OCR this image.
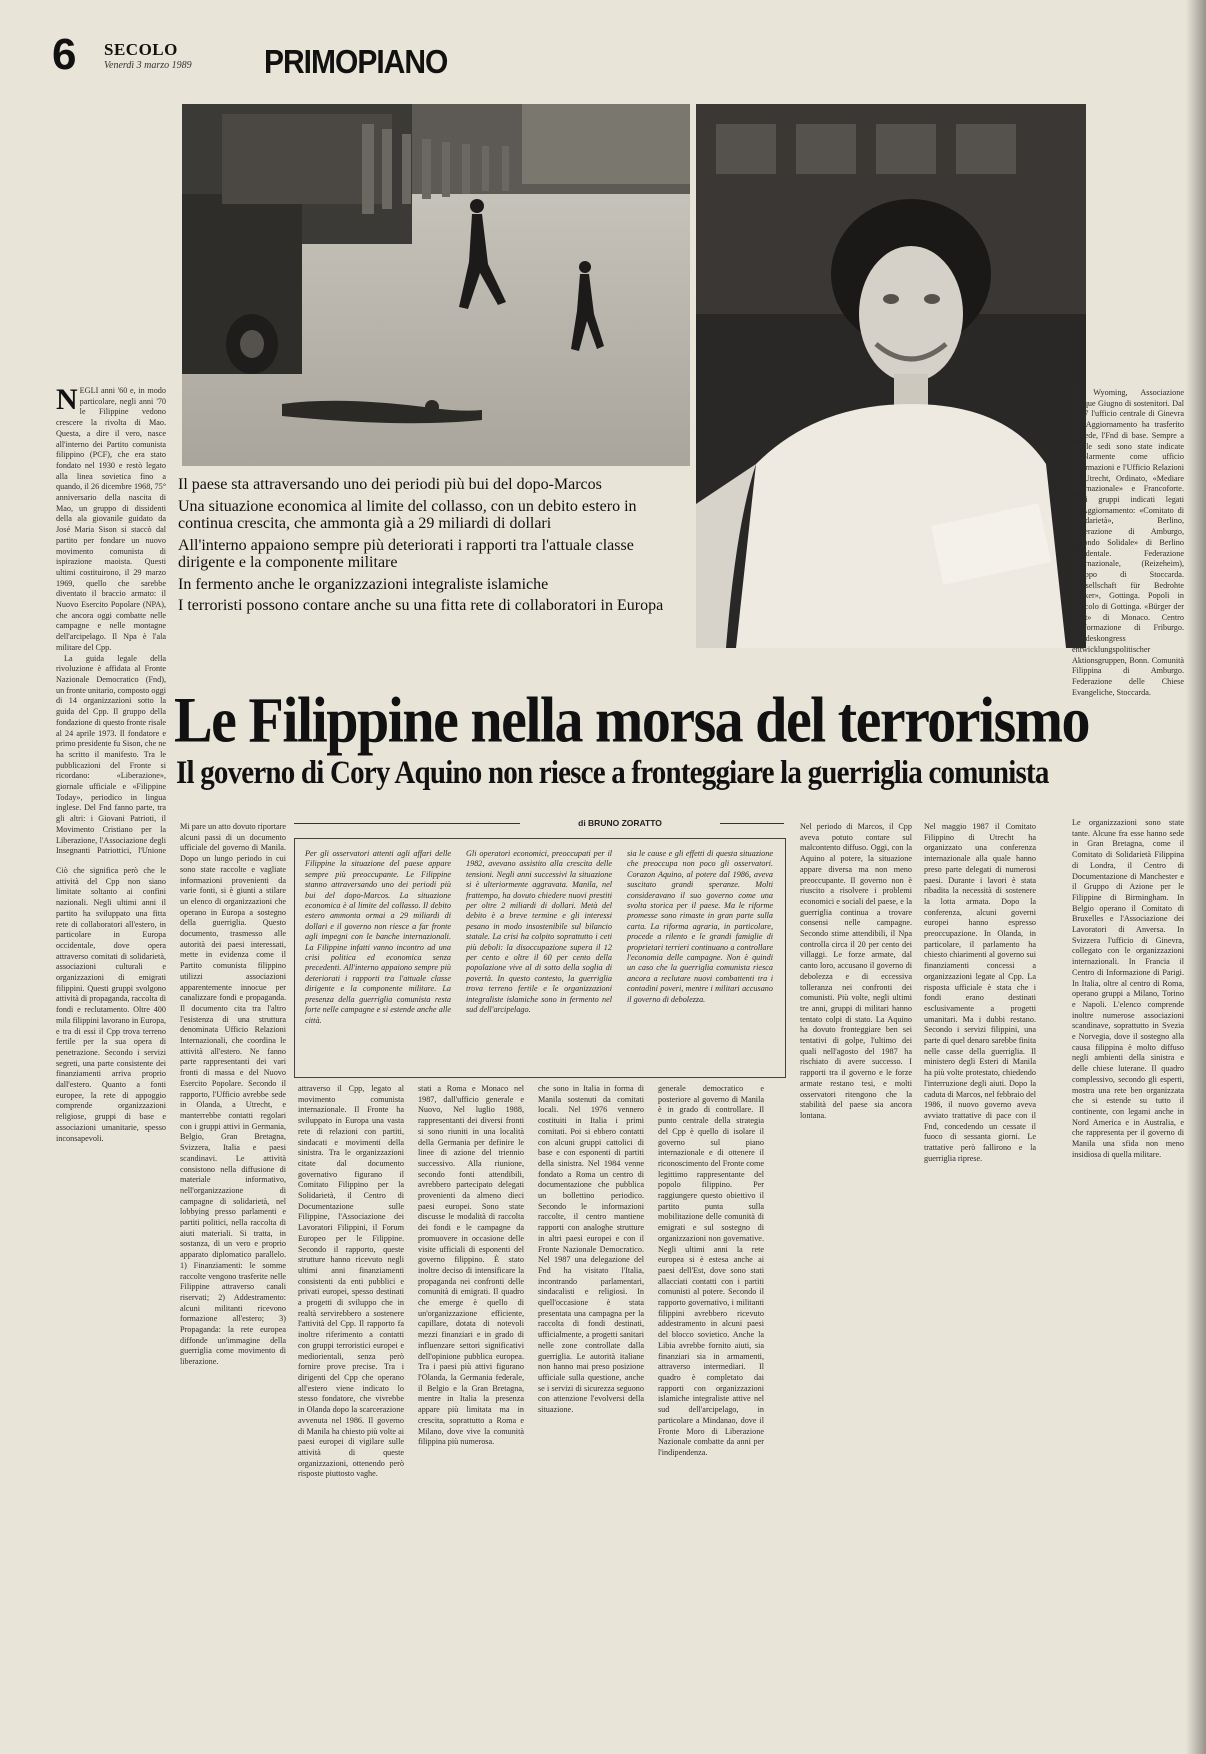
6 SECOLO
Venerdì 3 marzo 1989 PRIMOPIANO
N EGLI anni '60 e, in modo particolare, negli anni '70 le Filippine vedono crescere la rivolta di Mao. Questa, a dire il vero, nasce all'interno dei Partito comunista filippino (PCF), che era stato fondato nel 1930 e restò legato alla linea sovietica fino a quando, il 26 dicembre 1968, 75° anniversario della nascita di Mao, un gruppo di dissidenti della ala giovanile guidato da José Maria Sison si staccò dal partito per fondare un nuovo movimento comunista di ispirazione maoista. Questi ultimi costituirono, il 29 marzo 1969, quello che sarebbe diventato il braccio armato: il Nuovo Esercito Popolare (NPA), che ancora oggi combatte nelle campagne e nelle montagne dell'arcipelago. Il Npa è l'ala militare del Cpp.

La guida legale della rivoluzione è affidata al Fronte Nazionale Democratico (Fnd), un fronte unitario, composto oggi di 14 organizzazioni sotto la guida del Cpp. Il gruppo della fondazione di questo fronte risale al 24 aprile 1973. Il fondatore e primo presidente fu Sison, che ne ha scritto il manifesto. Tra le pubblicazioni del Fronte si ricordano: «Liberazione», giornale ufficiale e «Filippine Today», periodico in lingua inglese. Del Fnd fanno parte, tra gli altri: i Giovani Patrioti, il Movimento Cristiano per la Liberazione, l'Associazione degli Insegnanti Patriottici, l'Unione

Il paese sta attraversando uno dei periodi più bui del dopo-Marcos

Una situazione economica al limite del collasso, con un debito estero in continua crescita, che ammonta già a 29 miliardi di dollari

All'interno appaiono sempre più deteriorati i rapporti tra l'attuale classe dirigente e la componente militare

In fermento anche le organizzazioni integraliste islamiche

I terroristi possono contare anche su una fitta rete di collaboratori in Europa

no Wyoming, Associazione Cinque Giugno di sostenitori. Dal 1987 l'ufficio centrale di Ginevra dell'Aggiornamento ha trasferito la sede, l'Fnd di base. Sempre a quelle sedi sono state indicate regolarmente come ufficio informazioni e l'Ufficio Relazioni di Utrecht, Ordinato, «Mediare Internazionale» e Francoforte. Altri gruppi indicati legati all'Aggiornamento: «Comitato di Solidarietà», Berlino, Federazione di Amburgo, «Mondo Solidale» di Berlino occidentale. Federazione Internazionale, (Reizeheim), Gruppo di Stoccarda. «Gesellschaft für Bedrohte Völker», Gottinga. Popoli in pericolo di Gottinga. «Bürger der Welt» di Monaco. Centro d'informazione di Friburgo. Bundeskongress entwicklungspolitischer Aktionsgruppen, Bonn. Comunità Filippina di Amburgo. Federazione delle Chiese Evangeliche, Stoccarda.

Le Filippine nella morsa del terrorismo
Il governo di Cory Aquino non riesce a fronteggiare la guerriglia comunista
di BRUNO ZORATTO
Per gli osservatori attenti agli affari delle Filippine la situazione del paese appare sempre più preoccupante. Le Filippine stanno attraversando uno dei periodi più bui del dopo-Marcos. La situazione economica è al limite del collasso. Il debito estero ammonta ormai a 29 miliardi di dollari e il governo non riesce a far fronte agli impegni con le banche internazionali. La Filippine infatti vanno incontro ad una crisi politica ed economica senza precedenti. All'interno appaiono sempre più deteriorati i rapporti tra l'attuale classe dirigente e la componente militare. La presenza della guerriglia comunista resta forte nelle campagne e si estende anche alle città.
Gli operatori economici, preoccupati per il 1982, avevano assistito alla crescita delle tensioni. Negli anni successivi la situazione si è ulteriormente aggravata. Manila, nel frattempo, ha dovuto chiedere nuovi prestiti per oltre 2 miliardi di dollari. Metà del debito è a breve termine e gli interessi pesano in modo insostenibile sul bilancio statale. La crisi ha colpito soprattutto i ceti più deboli: la disoccupazione supera il 12 per cento e oltre il 60 per cento della popolazione vive al di sotto della soglia di povertà. In questo contesto, la guerriglia trova terreno fertile e le organizzazioni integraliste islamiche sono in fermento nel sud dell'arcipelago.
sia le cause e gli effetti di questa situazione che preoccupa non poco gli osservatori. Corazon Aquino, al potere dal 1986, aveva suscitato grandi speranze. Molti consideravano il suo governo come una svolta storica per il paese. Ma le riforme promesse sono rimaste in gran parte sulla carta. La riforma agraria, in particolare, procede a rilento e le grandi famiglie di proprietari terrieri continuano a controllare l'economia delle campagne. Non è quindi un caso che la guerriglia comunista riesca ancora a reclutare nuovi combattenti tra i contadini poveri, mentre i militari accusano il governo di debolezza.

Ciò che significa però che le attività del Cpp non siano limitate soltanto ai confini nazionali. Negli ultimi anni il partito ha sviluppato una fitta rete di collaboratori all'estero, in particolare in Europa occidentale, dove opera attraverso comitati di solidarietà, associazioni culturali e organizzazioni di emigrati filippini. Questi gruppi svolgono attività di propaganda, raccolta di fondi e reclutamento. Oltre 400 mila filippini lavorano in Europa, e tra di essi il Cpp trova terreno fertile per la sua opera di penetrazione. Secondo i servizi segreti, una parte consistente dei finanziamenti arriva proprio dall'estero. Quanto a fonti europee, la rete di appoggio comprende organizzazioni religiose, gruppi di base e associazioni umanitarie, spesso inconsapevoli.

Mi pare un atto dovuto riportare alcuni passi di un documento ufficiale del governo di Manila. Dopo un lungo periodo in cui sono state raccolte e vagliate informazioni provenienti da varie fonti, si è giunti a stilare un elenco di organizzazioni che operano in Europa a sostegno della guerriglia. Questo documento, trasmesso alle autorità dei paesi interessati, mette in evidenza come il Partito comunista filippino utilizzi associazioni apparentemente innocue per canalizzare fondi e propaganda. Il documento cita tra l'altro l'esistenza di una struttura denominata Ufficio Relazioni Internazionali, che coordina le attività all'estero. Ne fanno parte rappresentanti dei vari fronti di massa e del Nuovo Esercito Popolare. Secondo il rapporto, l'Ufficio avrebbe sede in Olanda, a Utrecht, e manterrebbe contatti regolari con i gruppi attivi in Germania, Belgio, Gran Bretagna, Svizzera, Italia e paesi scandinavi. Le attività consistono nella diffusione di materiale informativo, nell'organizzazione di campagne di solidarietà, nel lobbying presso parlamenti e partiti politici, nella raccolta di aiuti materiali. Si tratta, in sostanza, di un vero e proprio apparato diplomatico parallelo. 1) Finanziamenti: le somme raccolte vengono trasferite nelle Filippine attraverso canali riservati; 2) Addestramento: alcuni militanti ricevono formazione all'estero; 3) Propaganda: la rete europea diffonde un'immagine della guerriglia come movimento di liberazione.

attraverso il Cpp, legato al movimento comunista internazionale. Il Fronte ha sviluppato in Europa una vasta rete di relazioni con partiti, sindacati e movimenti della sinistra. Tra le organizzazioni citate dal documento governativo figurano il Comitato Filippino per la Solidarietà, il Centro di Documentazione sulle Filippine, l'Associazione dei Lavoratori Filippini, il Forum Europeo per le Filippine. Secondo il rapporto, queste strutture hanno ricevuto negli ultimi anni finanziamenti consistenti da enti pubblici e privati europei, spesso destinati a progetti di sviluppo che in realtà servirebbero a sostenere l'attività del Cpp. Il rapporto fa inoltre riferimento a contatti con gruppi terroristici europei e mediorientali, senza però fornire prove precise. Tra i dirigenti del Cpp che operano all'estero viene indicato lo stesso fondatore, che vivrebbe in Olanda dopo la scarcerazione avvenuta nel 1986. Il governo di Manila ha chiesto più volte ai paesi europei di vigilare sulle attività di queste organizzazioni, ottenendo però risposte piuttosto vaghe.

stati a Roma e Monaco nel 1987, dall'ufficio generale e Nuovo, Nel luglio 1988, rappresentanti dei diversi fronti si sono riuniti in una località della Germania per definire le linee di azione del triennio successivo. Alla riunione, secondo fonti attendibili, avrebbero partecipato delegati provenienti da almeno dieci paesi europei. Sono state discusse le modalità di raccolta dei fondi e le campagne da promuovere in occasione delle visite ufficiali di esponenti del governo filippino. È stato inoltre deciso di intensificare la propaganda nei confronti delle comunità di emigrati. Il quadro che emerge è quello di un'organizzazione efficiente, capillare, dotata di notevoli mezzi finanziari e in grado di influenzare settori significativi dell'opinione pubblica europea. Tra i paesi più attivi figurano l'Olanda, la Germania federale, il Belgio e la Gran Bretagna, mentre in Italia la presenza appare più limitata ma in crescita, soprattutto a Roma e Milano, dove vive la comunità filippina più numerosa.

che sono in Italia in forma di Manila sostenuti da comitati locali. Nel 1976 vennero costituiti in Italia i primi comitati. Poi si ebbero contatti con alcuni gruppi cattolici di base e con esponenti di partiti della sinistra. Nel 1984 venne fondato a Roma un centro di documentazione che pubblica un bollettino periodico. Secondo le informazioni raccolte, il centro mantiene rapporti con analoghe strutture in altri paesi europei e con il Fronte Nazionale Democratico. Nel 1987 una delegazione del Fnd ha visitato l'Italia, incontrando parlamentari, sindacalisti e religiosi. In quell'occasione è stata presentata una campagna per la raccolta di fondi destinati, ufficialmente, a progetti sanitari nelle zone controllate dalla guerriglia. Le autorità italiane non hanno mai preso posizione ufficiale sulla questione, anche se i servizi di sicurezza seguono con attenzione l'evolversi della situazione.

generale democratico e posteriore al governo di Manila è in grado di controllare. Il punto centrale della strategia del Cpp è quello di isolare il governo sul piano internazionale e di ottenere il riconoscimento del Fronte come legittimo rappresentante del popolo filippino. Per raggiungere questo obiettivo il partito punta sulla mobilitazione delle comunità di emigrati e sul sostegno di organizzazioni non governative. Negli ultimi anni la rete europea si è estesa anche ai paesi dell'Est, dove sono stati allacciati contatti con i partiti comunisti al potere. Secondo il rapporto governativo, i militanti filippini avrebbero ricevuto addestramento in alcuni paesi del blocco sovietico. Anche la Libia avrebbe fornito aiuti, sia finanziari sia in armamenti, attraverso intermediari. Il quadro è completato dai rapporti con organizzazioni islamiche integraliste attive nel sud dell'arcipelago, in particolare a Mindanao, dove il Fronte Moro di Liberazione Nazionale combatte da anni per l'indipendenza.

Nel periodo di Marcos, il Cpp aveva potuto contare sul malcontento diffuso. Oggi, con la Aquino al potere, la situazione appare diversa ma non meno preoccupante. Il governo non è riuscito a risolvere i problemi economici e sociali del paese, e la guerriglia continua a trovare consensi nelle campagne. Secondo stime attendibili, il Npa controlla circa il 20 per cento dei villaggi. Le forze armate, dal canto loro, accusano il governo di debolezza e di eccessiva tolleranza nei confronti dei comunisti. Più volte, negli ultimi tre anni, gruppi di militari hanno tentato colpi di stato. La Aquino ha dovuto fronteggiare ben sei tentativi di golpe, l'ultimo dei quali nell'agosto del 1987 ha rischiato di avere successo. I rapporti tra il governo e le forze armate restano tesi, e molti osservatori ritengono che la stabilità del paese sia ancora lontana.

Nel maggio 1987 il Comitato Filippino di Utrecht ha organizzato una conferenza internazionale alla quale hanno preso parte delegati di numerosi paesi. Durante i lavori è stata ribadita la necessità di sostenere la lotta armata. Dopo la conferenza, alcuni governi europei hanno espresso preoccupazione. In Olanda, in particolare, il parlamento ha chiesto chiarimenti al governo sui finanziamenti concessi a organizzazioni legate al Cpp. La risposta ufficiale è stata che i fondi erano destinati esclusivamente a progetti umanitari. Ma i dubbi restano. Secondo i servizi filippini, una parte di quel denaro sarebbe finita nelle casse della guerriglia. Il ministero degli Esteri di Manila ha più volte protestato, chiedendo l'interruzione degli aiuti. Dopo la caduta di Marcos, nel febbraio del 1986, il nuovo governo aveva avviato trattative di pace con il Fnd, concedendo un cessate il fuoco di sessanta giorni. Le trattative però fallirono e la guerriglia riprese.

Le organizzazioni sono state tante. Alcune fra esse hanno sede in Gran Bretagna, come il Comitato di Solidarietà Filippina di Londra, il Centro di Documentazione di Manchester e il Gruppo di Azione per le Filippine di Birmingham. In Belgio operano il Comitato di Bruxelles e l'Associazione dei Lavoratori di Anversa. In Svizzera l'ufficio di Ginevra, collegato con le organizzazioni internazionali. In Francia il Centro di Informazione di Parigi. In Italia, oltre al centro di Roma, operano gruppi a Milano, Torino e Napoli. L'elenco comprende inoltre numerose associazioni scandinave, soprattutto in Svezia e Norvegia, dove il sostegno alla causa filippina è molto diffuso negli ambienti della sinistra e delle chiese luterane. Il quadro complessivo, secondo gli esperti, mostra una rete ben organizzata che si estende su tutto il continente, con legami anche in Nord America e in Australia, e che rappresenta per il governo di Manila una sfida non meno insidiosa di quella militare.
